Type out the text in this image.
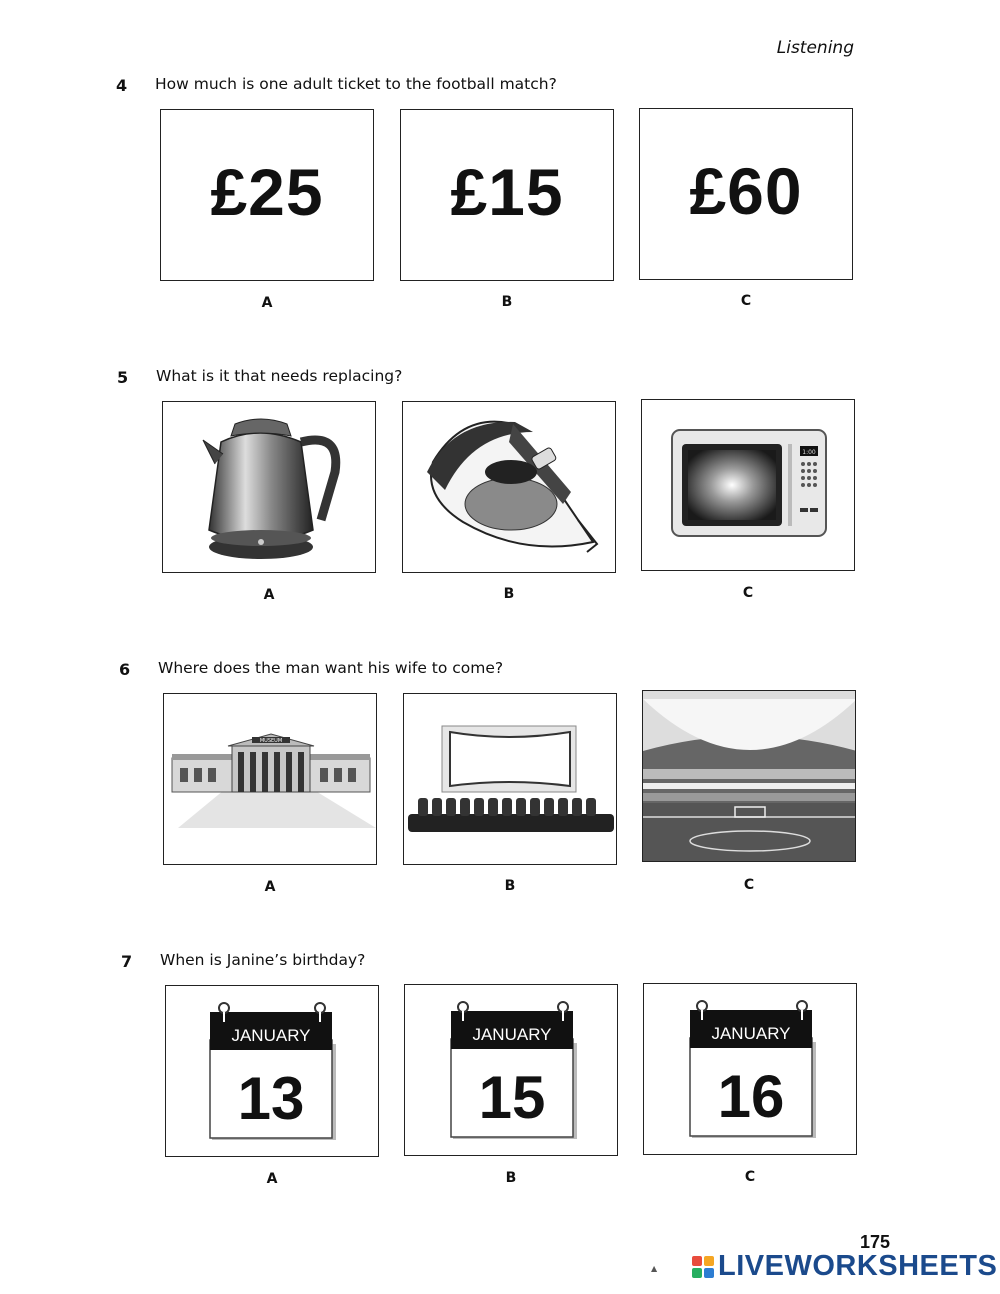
Listening
4 How much is one adult ticket to the football match?
£25	£15	£60
A	B	C
5 What is it that needs replacing?
1:00
A	B	C
6 Where does the man want his wife to come?
MUSEUM
A	B	C
7 When is Janine’s birthday?
JANUARY
13
JANUARY
15
JANUARY
16
A	B	C
175
▲ LIVEWORKSHEETS
